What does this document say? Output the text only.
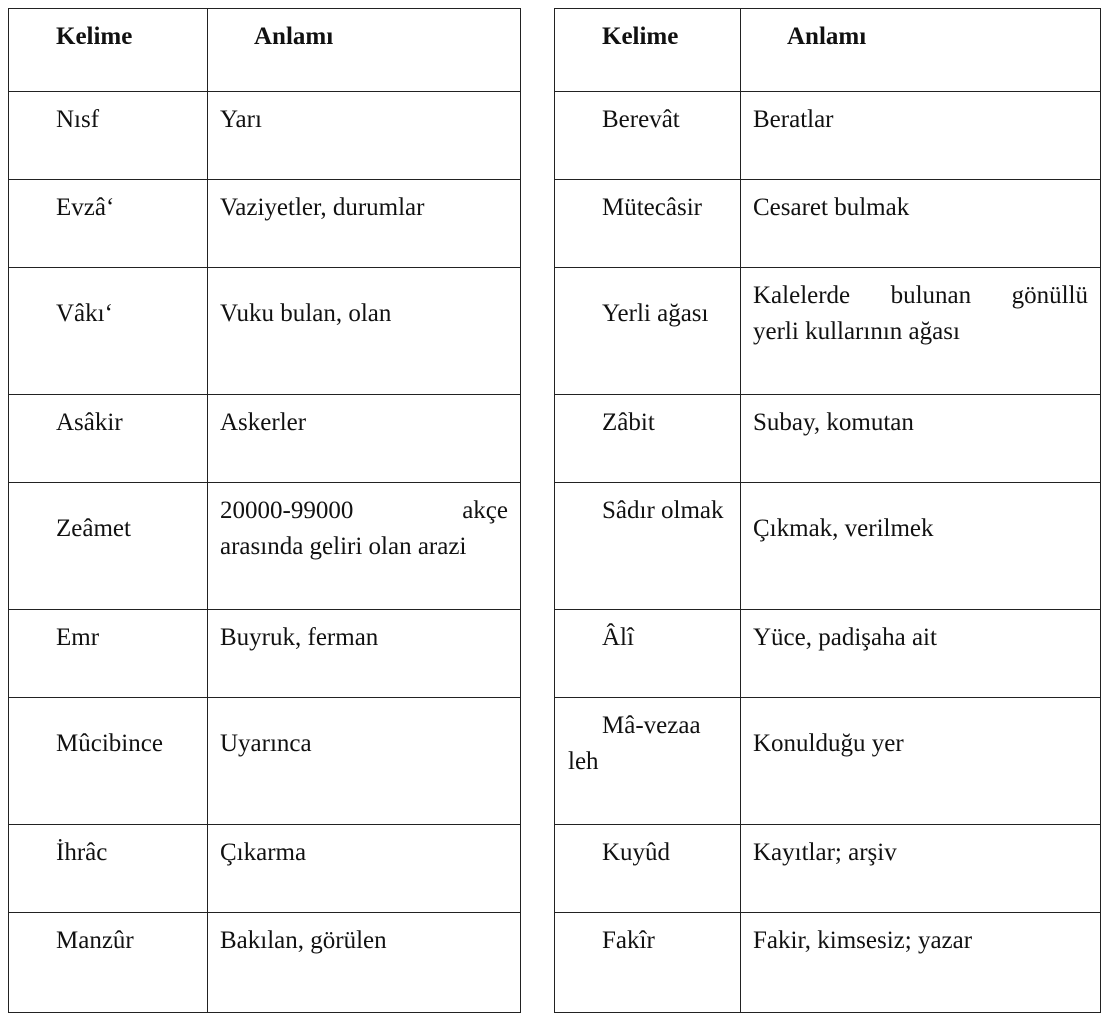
Kelime	Anlamı

Nısf	Yarı

Evzâ‘	Vaziyetler, durumlar

Vâkı‘	Vuku bulan, olan

Asâkir	Askerler

Zeâmet	20000-99000 akçe
arasında geliri olan arazi

Emr	Buyruk, ferman

Mûcibince	Uyarınca

İhrâc	Çıkarma

Manzûr	Bakılan, görülen
Kelime	Anlamı

Berevât	Beratlar

Mütecâsir	Cesaret bulmak

Yerli ağası	Kalelerde bulunan gönüllü
yerli kullarının ağası

Zâbit	Subay, komutan

Sâdır olmak	Çıkmak, verilmek

Âlî	Yüce, padişaha ait

Mâ-vezaa leh	Konulduğu yer

Kuyûd	Kayıtlar; arşiv

Fakîr	Fakir, kimsesiz; yazar
